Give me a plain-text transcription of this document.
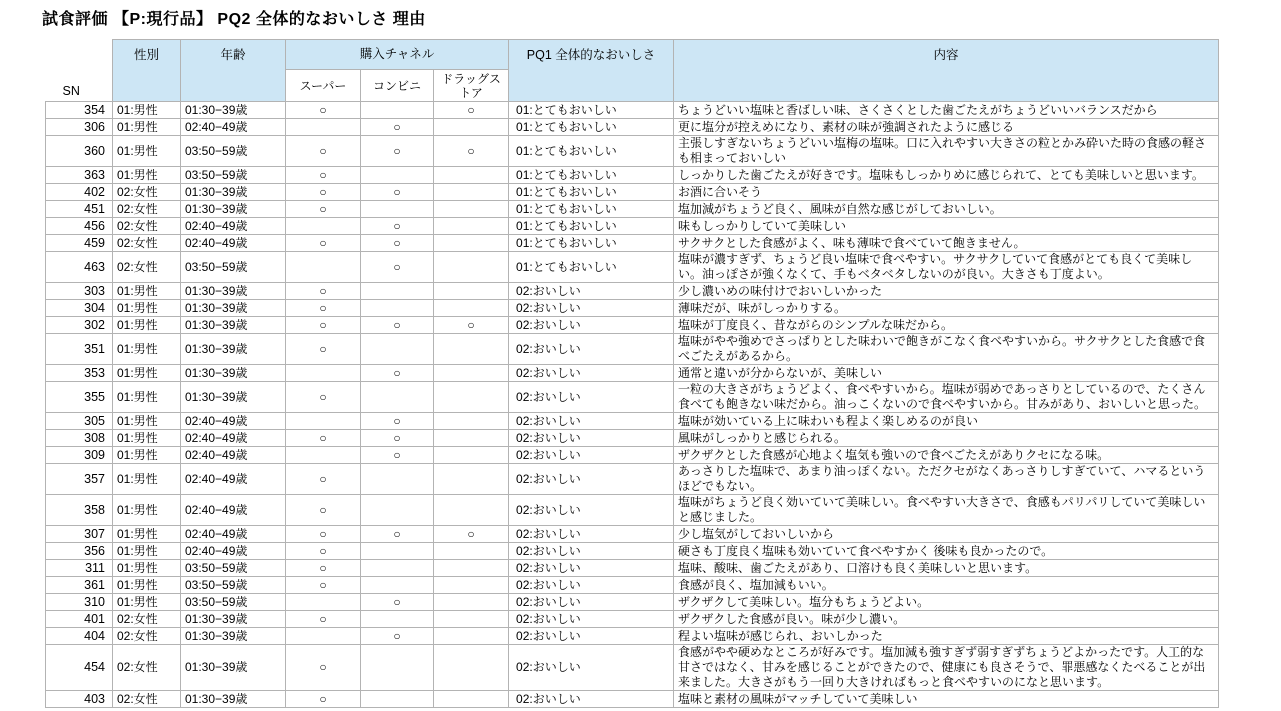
試食評価 【P:現行品】 PQ2 全体的なおいしさ 理由
SN	性別	年齢	購入チャネル			PQ1 全体的なおいしさ	内容
			スーパー	コンビニ	ドラッグストア		
354	01:男性	01:30−39歳	○		○	01:とてもおいしい	ちょうどいい塩味と香ばしい味、さくさくとした歯ごたえがちょうどいいバランスだから
306	01:男性	02:40−49歳		○		01:とてもおいしい	更に塩分が控えめになり、素材の味が強調されたように感じる
360	01:男性	03:50−59歳	○	○	○	01:とてもおいしい	主張しすぎないちょうどいい塩梅の塩味。口に入れやすい大きさの粒とかみ砕いた時の食感の軽さも相まっておいしい
363	01:男性	03:50−59歳	○			01:とてもおいしい	しっかりした歯ごたえが好きです。塩味もしっかりめに感じられて、とても美味しいと思います。
402	02:女性	01:30−39歳	○	○		01:とてもおいしい	お酒に合いそう
451	02:女性	01:30−39歳	○			01:とてもおいしい	塩加減がちょうど良く、風味が自然な感じがしておいしい。
456	02:女性	02:40−49歳		○		01:とてもおいしい	味もしっかりしていて美味しい
459	02:女性	02:40−49歳	○	○		01:とてもおいしい	サクサクとした食感がよく、味も薄味で食べていて飽きません。
463	02:女性	03:50−59歳		○		01:とてもおいしい	塩味が濃すぎず、ちょうど良い塩味で食べやすい。サクサクしていて食感がとても良くて美味しい。油っぽさが強くなくて、手もベタベタしないのが良い。大きさも丁度よい。
303	01:男性	01:30−39歳	○			02:おいしい	少し濃いめの味付けでおいしいかった
304	01:男性	01:30−39歳	○			02:おいしい	薄味だが、味がしっかりする。
302	01:男性	01:30−39歳	○	○	○	02:おいしい	塩味が丁度良く、昔ながらのシンプルな味だから。
351	01:男性	01:30−39歳	○			02:おいしい	塩味がやや強めでさっぱりとした味わいで飽きがこなく食べやすいから。サクサクとした食感で食べごたえがあるから。
353	01:男性	01:30−39歳		○		02:おいしい	通常と違いが分からないが、美味しい
355	01:男性	01:30−39歳	○			02:おいしい	一粒の大きさがちょうどよく、食べやすいから。塩味が弱めであっさりとしているので、たくさん食べても飽きない味だから。油っこくないので食べやすいから。甘みがあり、おいしいと思った。
305	01:男性	02:40−49歳		○		02:おいしい	塩味が効いている上に味わいも程よく楽しめるのが良い
308	01:男性	02:40−49歳	○	○		02:おいしい	風味がしっかりと感じられる。
309	01:男性	02:40−49歳		○		02:おいしい	ザクザクとした食感が心地よく塩気も強いので食べごたえがありクセになる味。
357	01:男性	02:40−49歳	○			02:おいしい	あっさりした塩味で、あまり油っぽくない。ただクセがなくあっさりしすぎていて、ハマるというほどでもない。
358	01:男性	02:40−49歳	○			02:おいしい	塩味がちょうど良く効いていて美味しい。食べやすい大きさで、食感もパリパリしていて美味しいと感じました。
307	01:男性	02:40−49歳	○	○	○	02:おいしい	少し塩気がしておいしいから
356	01:男性	02:40−49歳	○			02:おいしい	硬さも丁度良く塩味も効いていて食べやすかく 後味も良かったので。
311	01:男性	03:50−59歳	○			02:おいしい	塩味、酸味、歯ごたえがあり、口溶けも良く美味しいと思います。
361	01:男性	03:50−59歳	○			02:おいしい	食感が良く、塩加減もいい。
310	01:男性	03:50−59歳		○		02:おいしい	ザクザクして美味しい。塩分もちょうどよい。
401	02:女性	01:30−39歳	○			02:おいしい	ザクザクした食感が良い。味が少し濃い。
404	02:女性	01:30−39歳		○		02:おいしい	程よい塩味が感じられ、おいしかった
454	02:女性	01:30−39歳	○			02:おいしい	食感がやや硬めなところが好みです。塩加減も強すぎず弱すぎずちょうどよかったです。人工的な甘さではなく、甘みを感じることができたので、健康にも良さそうで、罪悪感なくたべることが出来ました。大きさがもう一回り大きければもっと食べやすいのになと思います。
403	02:女性	01:30−39歳	○			02:おいしい	塩味と素材の風味がマッチしていて美味しい
